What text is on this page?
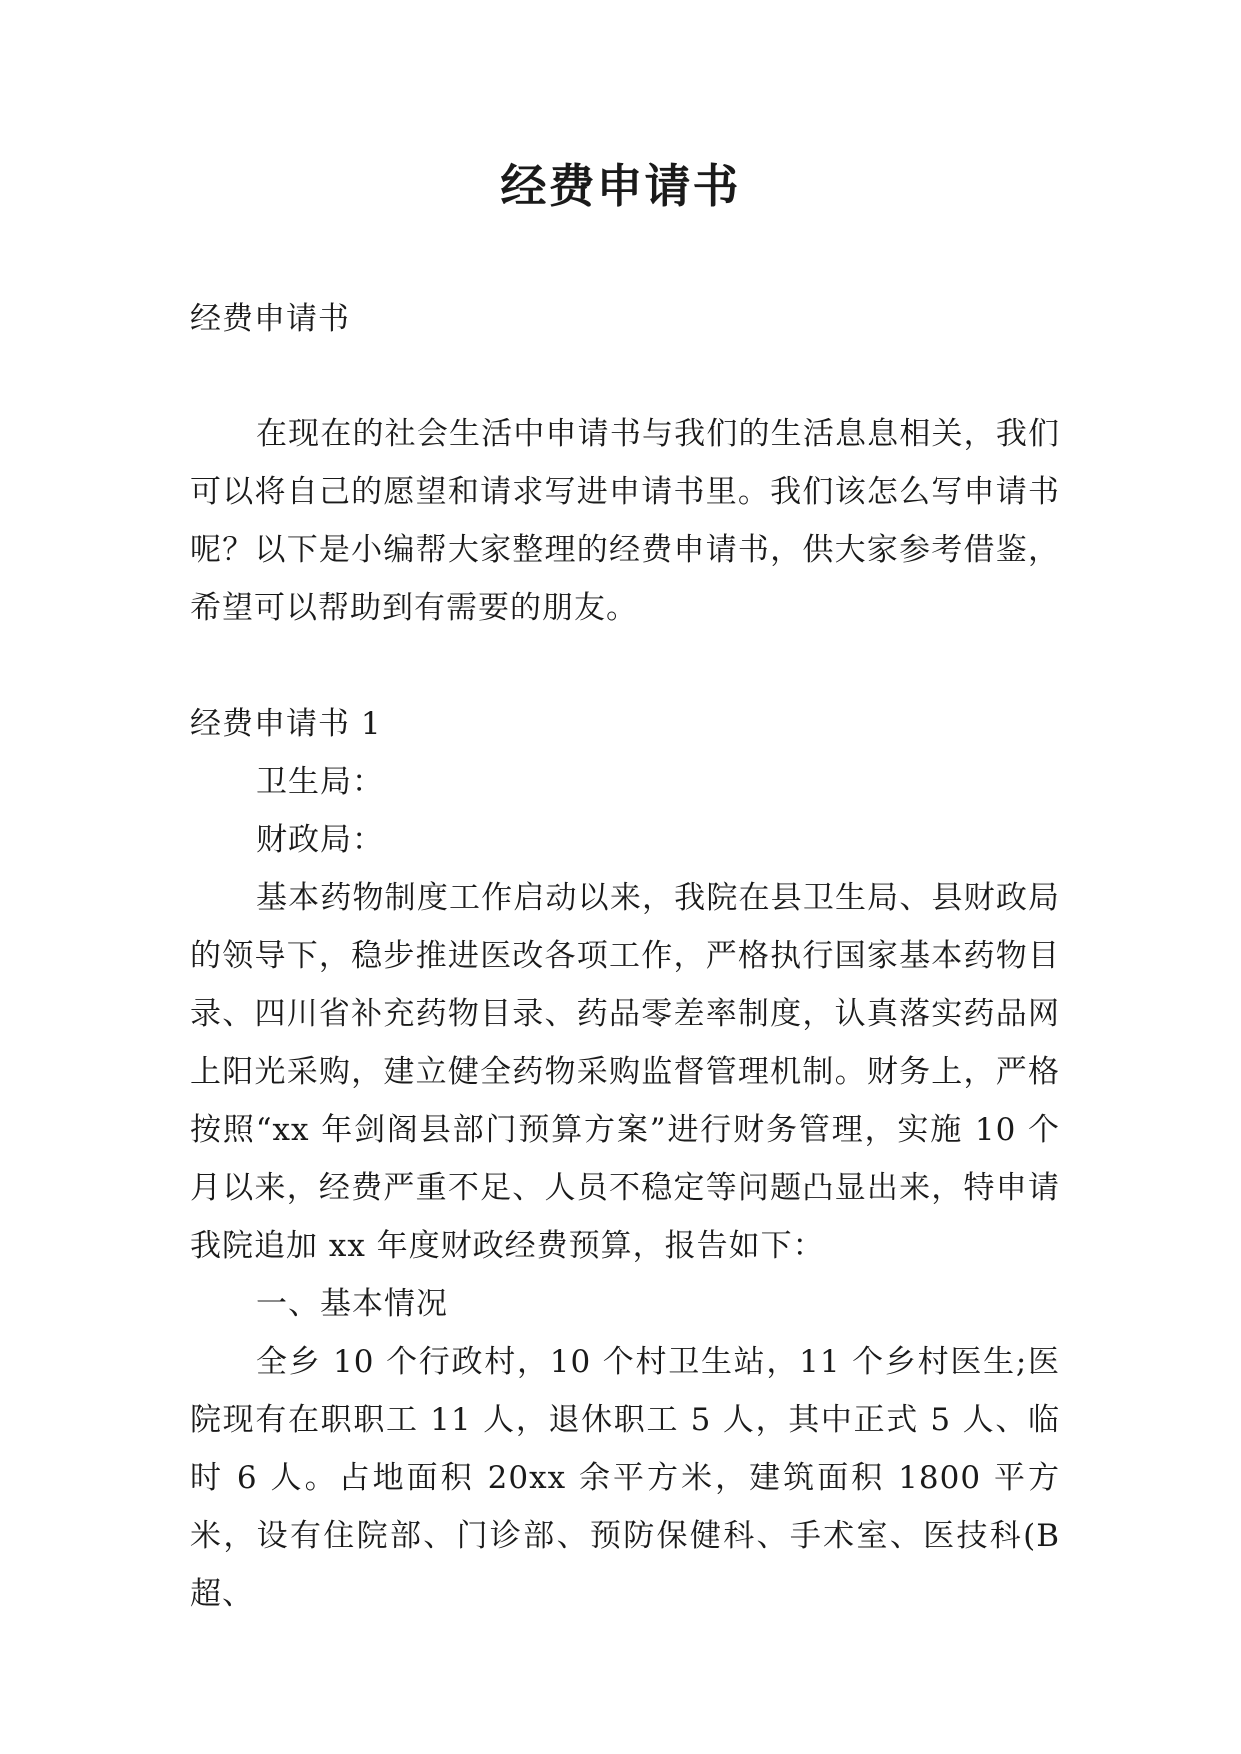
经费申请书
经费申请书
在现在的社会生活中申请书与我们的生活息息相关，我们可以将自己的愿望和请求写进申请书里。我们该怎么写申请书呢？以下是小编帮大家整理的经费申请书，供大家参考借鉴，希望可以帮助到有需要的朋友。

经费申请书 1

卫生局：

财政局：

基本药物制度工作启动以来，我院在县卫生局、县财政局的领导下，稳步推进医改各项工作，严格执行国家基本药物目录、四川省补充药物目录、药品零差率制度，认真落实药品网上阳光采购，建立健全药物采购监督管理机制。财务上，严格按照“xx 年剑阁县部门预算方案”进行财务管理，实施 10 个月以来，经费严重不足、人员不稳定等问题凸显出来，特申请我院追加 xx 年度财政经费预算，报告如下：

一、基本情况

全乡 10 个行政村，10 个村卫生站，11 个乡村医生;医院现有在职职工 11 人，退休职工 5 人，其中正式 5 人、临时 6 人。占地面积 20xx 余平方米，建筑面积 1800 平方米，设有住院部、门诊部、预防保健科、手术室、医技科(B 超、
